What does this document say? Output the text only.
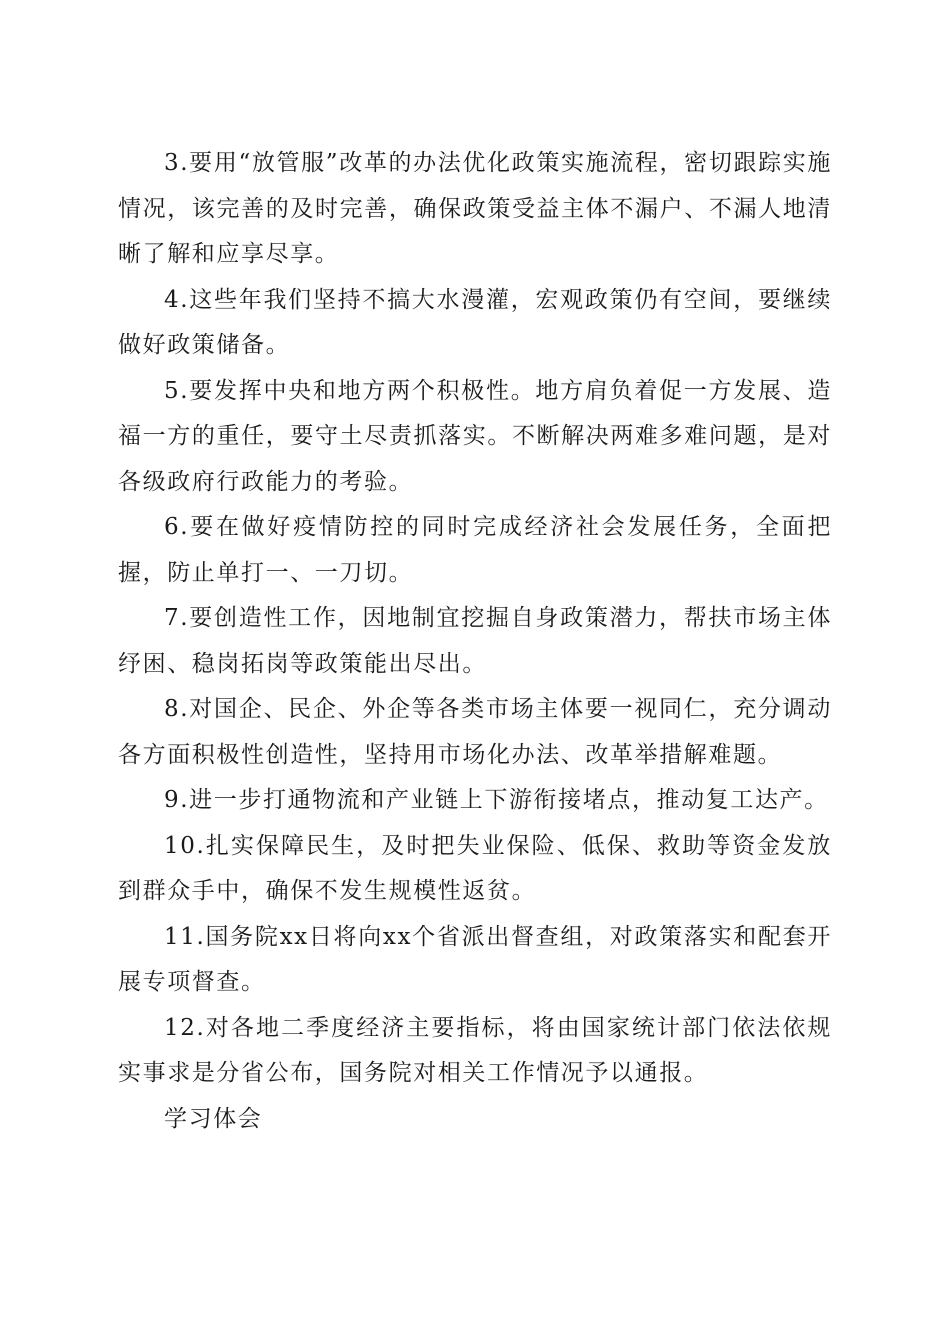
3.要用“放管服”改革的办法优化政策实施流程，密切跟踪实施情况，该完善的及时完善，确保政策受益主体不漏户、不漏人地清晰了解和应享尽享。

4.这些年我们坚持不搞大水漫灌，宏观政策仍有空间，要继续做好政策储备。

5.要发挥中央和地方两个积极性。地方肩负着促一方发展、造福一方的重任，要守土尽责抓落实。不断解决两难多难问题，是对各级政府行政能力的考验。

6.要在做好疫情防控的同时完成经济社会发展任务，全面把握，防止单打一、一刀切。

7.要创造性工作，因地制宜挖掘自身政策潜力，帮扶市场主体纾困、稳岗拓岗等政策能出尽出。

8.对国企、民企、外企等各类市场主体要一视同仁，充分调动各方面积极性创造性，坚持用市场化办法、改革举措解难题。

9.进一步打通物流和产业链上下游衔接堵点，推动复工达产。

10.扎实保障民生，及时把失业保险、低保、救助等资金发放到群众手中，确保不发生规模性返贫。

11.国务院xx日将向xx个省派出督查组，对政策落实和配套开展专项督查。

12.对各地二季度经济主要指标，将由国家统计部门依法依规实事求是分省公布，国务院对相关工作情况予以通报。

学习体会
